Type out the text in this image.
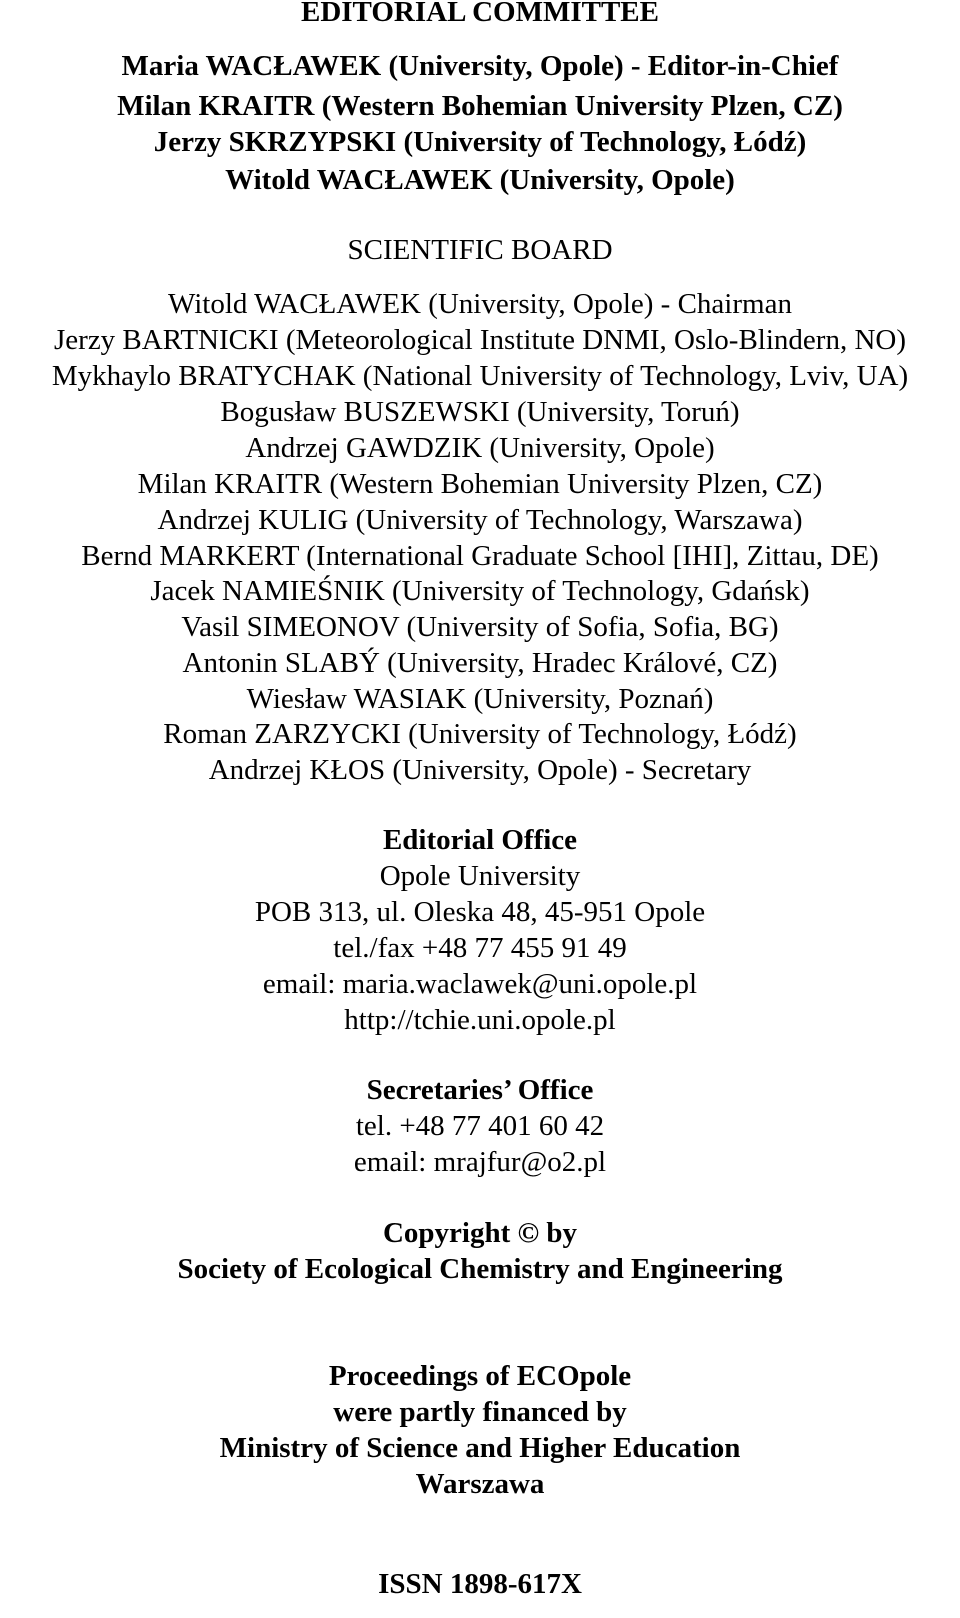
EDITORIAL COMMITTEE

Maria WACŁAWEK (University, Opole) - Editor-in-Chief

Milan KRAITR (Western Bohemian University Plzen, CZ)

Jerzy SKRZYPSKI (University of Technology, Łódź)

Witold WACŁAWEK (University, Opole)

SCIENTIFIC BOARD

Witold WACŁAWEK (University, Opole) - Chairman

Jerzy BARTNICKI (Meteorological Institute DNMI, Oslo-Blindern, NO)

Mykhaylo BRATYCHAK (National University of Technology, Lviv, UA)

Bogusław BUSZEWSKI (University, Toruń)

Andrzej GAWDZIK (University, Opole)

Milan KRAITR (Western Bohemian University Plzen, CZ)

Andrzej KULIG (University of Technology, Warszawa)

Bernd MARKERT (International Graduate School [IHI], Zittau, DE)

Jacek NAMIEŚNIK (University of Technology, Gdańsk)

Vasil SIMEONOV (University of Sofia, Sofia, BG)

Antonin SLABÝ (University, Hradec Králové, CZ)

Wiesław WASIAK (University, Poznań)

Roman ZARZYCKI (University of Technology, Łódź)

Andrzej KŁOS (University, Opole) - Secretary

Editorial Office

Opole University

POB 313, ul. Oleska 48, 45-951 Opole

tel./fax +48 77 455 91 49

email: maria.waclawek@uni.opole.pl

http://tchie.uni.opole.pl

Secretaries’ Office

tel. +48 77 401 60 42

email: mrajfur@o2.pl

Copyright © by

Society of Ecological Chemistry and Engineering

Proceedings of ECOpole

were partly financed by

Ministry of Science and Higher Education

Warszawa

ISSN 1898-617X
